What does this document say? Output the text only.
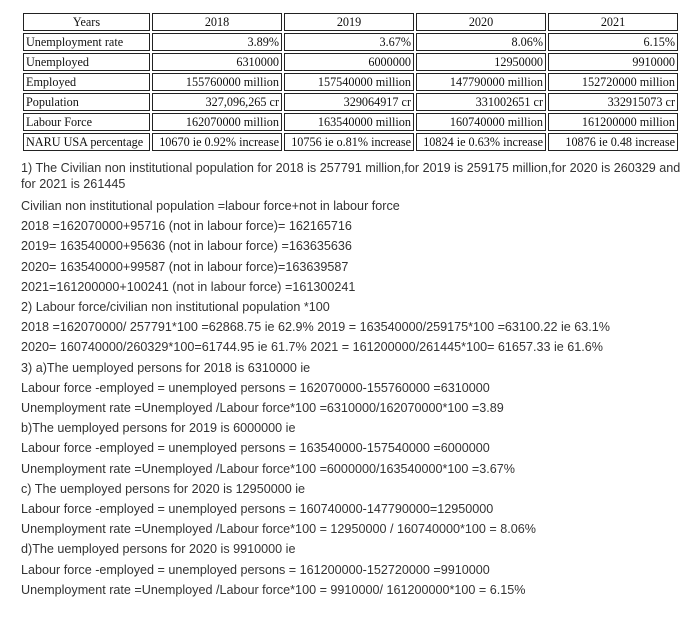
Years	2018	2019	2020	2021
Unemployment rate	3.89%	3.67%	8.06%	6.15%
Unemployed	6310000	6000000	12950000	9910000
Employed	155760000 million	157540000 million	147790000 million	152720000 million
Population	327,096,265 cr	329064917 cr	331002651 cr	332915073 cr
Labour Force	162070000 million	163540000 million	160740000 million	161200000 million
NARU USA percentage	10670 ie 0.92% increase	10756 ie o.81% increase	10824 ie 0.63% increase	10876 ie 0.48 increase

1) The Civilian non institutional population for 2018 is 257791 million,for 2019 is 259175 million,for 2020 is 260329 and for 2021 is 261445

Civilian non institutional population =labour force+not in labour force

2018 =162070000+95716 (not in labour force)= 162165716

2019= 163540000+95636 (not in labour force) =163635636

2020= 163540000+99587 (not in labour force)=163639587

2021=161200000+100241 (not in labour force) =161300241

2) Labour force/civilian non institutional population *100

2018 =162070000/ 257791*100 =62868.75 ie 62.9% 2019 = 163540000/259175*100 =63100.22 ie 63.1%

2020= 160740000/260329*100=61744.95 ie 61.7% 2021 = 161200000/261445*100= 61657.33 ie 61.6%

3) a)The uemployed persons for 2018 is 6310000 ie

Labour force -employed = unemployed persons = 162070000-155760000 =6310000

Unemployment rate =Unemployed /Labour force*100 =6310000/162070000*100 =3.89

b)The uemployed persons for 2019 is 6000000 ie

Labour force -employed = unemployed persons = 163540000-157540000 =6000000

Unemployment rate =Unemployed /Labour force*100 =6000000/163540000*100 =3.67%

c) The uemployed persons for 2020 is 12950000 ie

Labour force -employed = unemployed persons = 160740000-147790000=12950000

Unemployment rate =Unemployed /Labour force*100 = 12950000 / 160740000*100 = 8.06%

d)The uemployed persons for 2020 is 9910000 ie

Labour force -employed = unemployed persons = 161200000-152720000 =9910000

Unemployment rate =Unemployed /Labour force*100 = 9910000/ 161200000*100 = 6.15%
